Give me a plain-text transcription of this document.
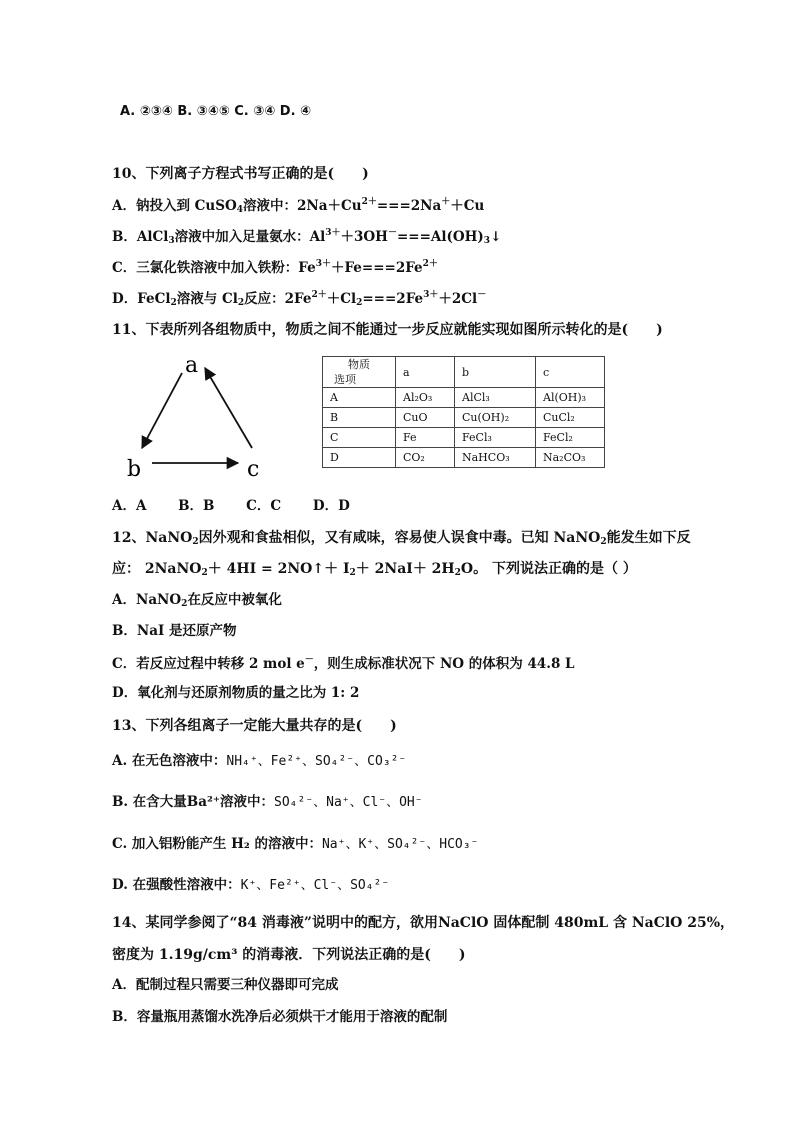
A. ②③④ B. ③④⑤ C. ③④ D. ④
10、下列离子方程式书写正确的是(　　)
A．钠投入到 CuSO$_4$溶液中：$2Na+Cu^{2+}===2Na^++Cu$
B．AlCl$_3$溶液中加入足量氨水：$Al^{3+}+3OH^-===Al(OH)_3↓$
C．三氯化铁溶液中加入铁粉：$Fe^{3+}+Fe===2Fe^{2+}$
D．FeCl$_2$溶液与 $Cl_2$反应：$2Fe^{2+}+Cl_2===2Fe^{3+}+2Cl^-$
11、下表所列各组物质中，物质之间不能通过一步反应就能实现如图所示转化的是(　　)
a
b	c
物质
选项	a	b	c
A	Al₂O₃	AlCl₃	Al(OH)₃
B	CuO	Cu(OH)₂	CuCl₂
C	Fe	FeCl₃	FeCl₂
D	CO₂	NaHCO₃	Na₂CO₃
A．A　　 B．B　　 C．C　　 D．D
12、NaNO$_2$因外观和食盐相似，又有咸味，容易使人误食中毒。已知 NaNO$_2$能发生如下反
应： 2NaNO$_2$＋ 4HI = 2NO↑＋ $I_2+ 2NaI+ 2H_2O$。 下列说法正确的是（ ）
A．NaNO$_2$在反应中被氧化
B．NaI 是还原产物
C．若反应过程中转移 2 mol e－，则生成标准状况下 NO 的体积为 44.8 L
D．氧化剂与还原剂物质的量之比为 1: 2
13、下列各组离子一定能大量共存的是(　　)
A. 在无色溶液中：NH₄⁺、Fe²⁺、SO₄²⁻、CO₃²⁻
B. 在含大量Ba²⁺溶液中：SO₄²⁻、Na⁺、Cl⁻、OH⁻
C. 加入铝粉能产生 H₂ 的溶液中：Na⁺、K⁺、SO₄²⁻、HCO₃⁻
D. 在强酸性溶液中：K⁺、Fe²⁺、Cl⁻、SO₄²⁻
14、某同学参阅了“84 消毒液”说明中的配方，欲用NaClO 固体配制 480mL 含 NaClO 25%，
密度为 1.19g/cm³ 的消毒液．下列说法正确的是(　　)
A．配制过程只需要三种仪器即可完成
B．容量瓶用蒸馏水洗净后必须烘干才能用于溶液的配制
